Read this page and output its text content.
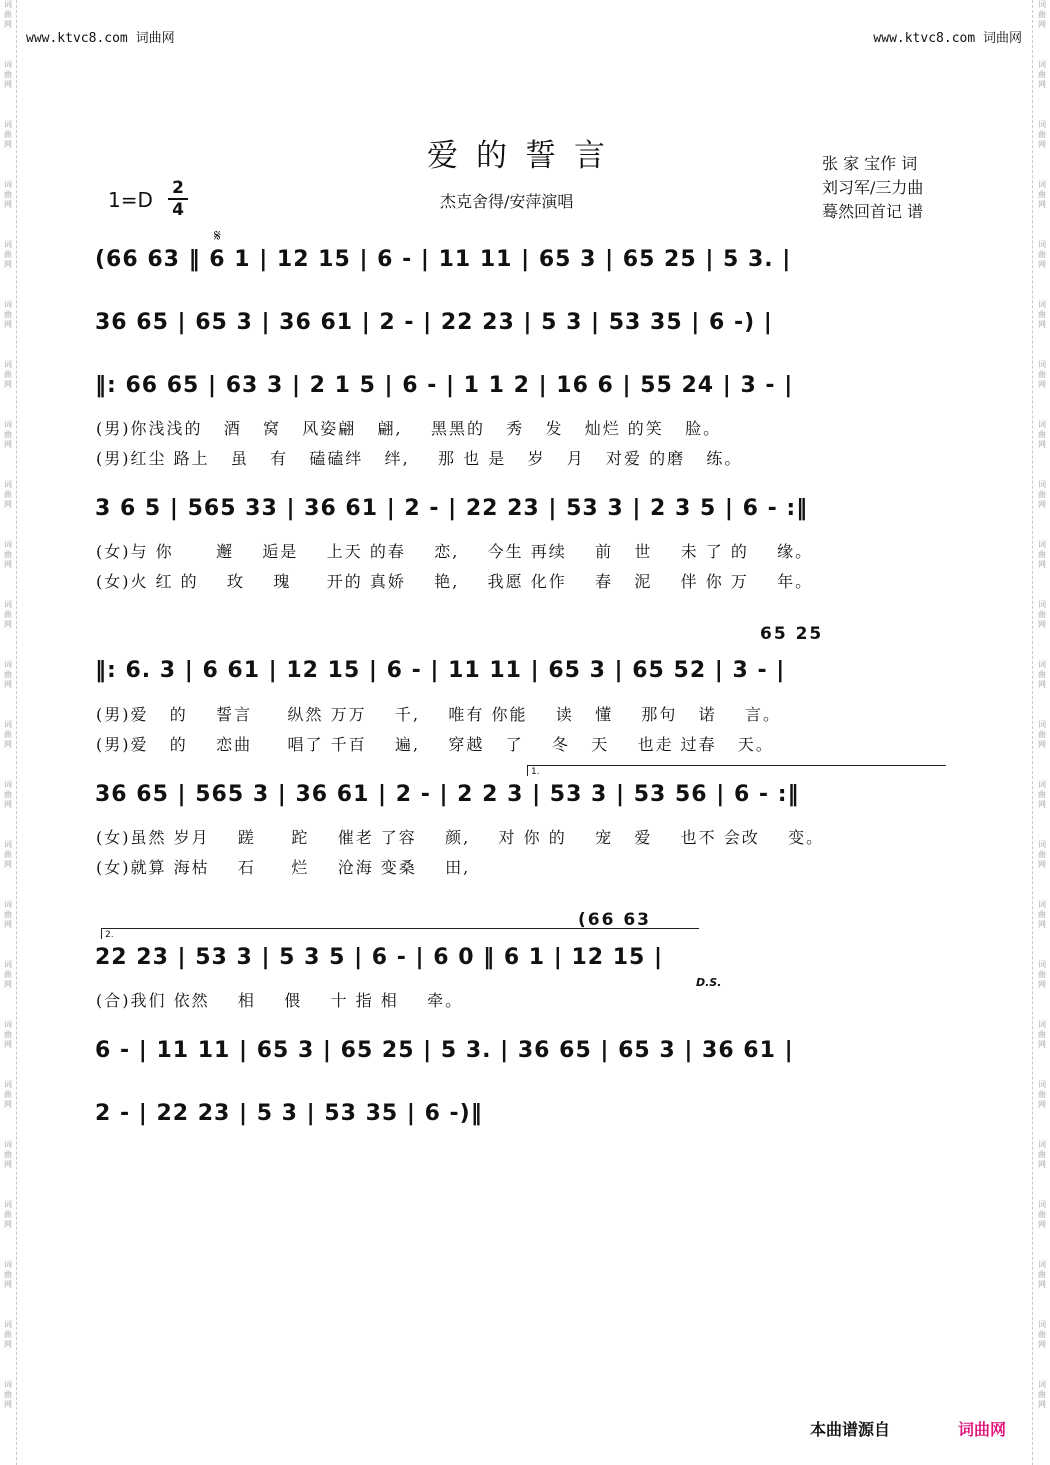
词
曲
网
词
曲
网
词
曲
网
词
曲
网
词
曲
网
词
曲
网
词
曲
网
词
曲
网
词
曲
网
词
曲
网
词
曲
网
词
曲
网
词
曲
网
词
曲
网
词
曲
网
词
曲
网
词
曲
网
词
曲
网
词
曲
网
词
曲
网
词
曲
网
词
曲
网
词
曲
网
词
曲
网
词
曲
网
词
曲
网
词
曲
网
词
曲
网
词
曲
网
词
曲
网
词
曲
网
词
曲
网
词
曲
网
词
曲
网
词
曲
网
词
曲
网
词
曲
网
词
曲
网
词
曲
网
词
曲
网
词
曲
网
词
曲
网
词
曲
网
词
曲
网
词
曲
网
词
曲
网
词
曲
网
词
曲
网
www.ktvc8.com 词曲网	www.ktvc8.com 词曲网
爱的誓言
杰克舍得/安萍演唱
张 家 宝作 词
刘习军/三力曲
蓦然回首记 谱
1=D 2
4
𝄋
(66 63 ‖ 6 1 | 12 15 | 6 - | 11 11 | 65 3 | 65 25 | 5 3. |
36 65 | 65 3 | 36 61 | 2 - | 22 23 | 5 3 | 53 35 | 6 -) |
‖: 66 65 | 63 3 | 2 1 5 | 6 - | 1 1 2 | 16 6 | 55 24 | 3 - |
(男)你浅浅的   酒   窝   风姿翩   翩,    黑黑的   秀   发   灿烂 的笑   脸。
(男)红尘 路上   虽   有   磕磕绊   绊,    那 也 是   岁   月   对爱 的磨   练。
3 6 5 | 565 33 | 36 61 | 2 - | 22 23 | 53 3 | 2 3 5 | 6 - :‖
(女)与 你      邂    逅是    上天 的春    恋,    今生 再续    前   世    未 了 的    缘。
(女)火 红 的    玫    瑰     开的 真娇    艳,    我愿 化作    春   泥    伴 你 万    年。
65 25
‖: 6. 3 | 6 61 | 12 15 | 6 - | 11 11 | 65 3 | 65 52 | 3 - |
(男)爱   的    誓言     纵然 万万    千,    唯有 你能    读   懂    那句   诺    言。
(男)爱   的    恋曲     唱了 千百    遍,    穿越   了    冬   天    也走 过春   天。
1.
36 65 | 565 3 | 36 61 | 2 - | 2 2 3 | 53 3 | 53 56 | 6 - :‖
(女)虽然 岁月    蹉     跎    催老 了容    颜,    对 你 的    宠   爱    也不 会改    变。
(女)就算 海枯    石     烂    沧海 变桑    田,
(66 63
2.
22 23 | 53 3 | 5 3 5 | 6 - | 6 0 ‖ 6 1 | 12 15 |
D.S.
(合)我们 依然    相    偎    十 指 相    牵。
6 - | 11 11 | 65 3 | 65 25 | 5 3. | 36 65 | 65 3 | 36 61 |
2 - | 22 23 | 5 3 | 53 35 | 6 -)‖
本曲谱源自	词曲网
